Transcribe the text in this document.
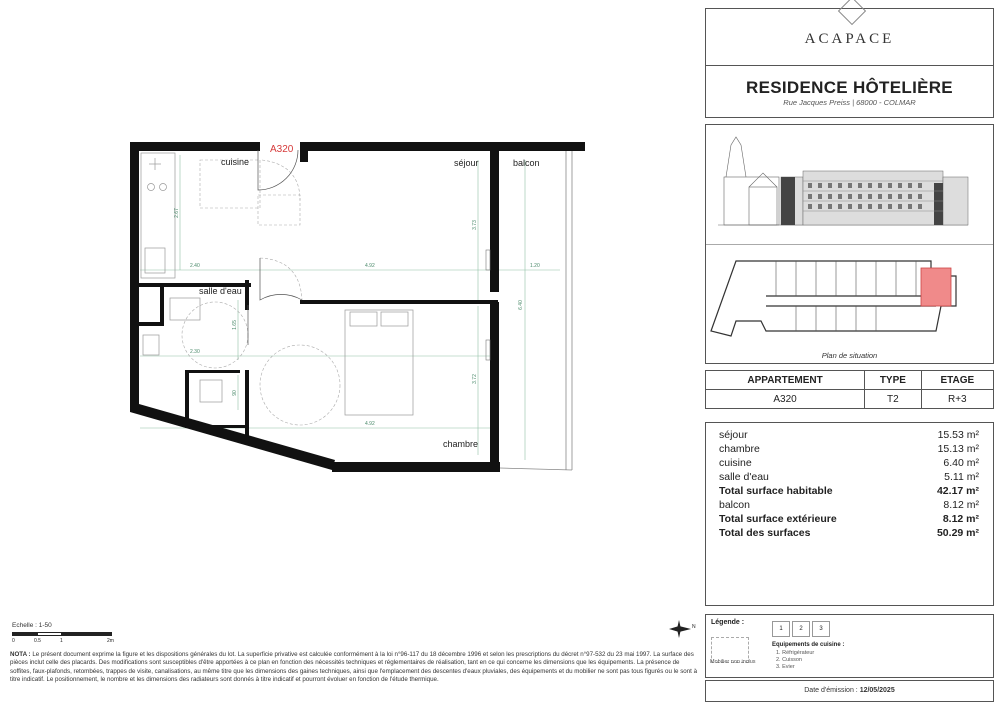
A320
cuisine	séjour	balcon
salle d'eau
chambre
2.40	4.92	1.20
2.30
4.92
2.67
3.73
3.72
6.40
1.65
90
ACAPACE
RESIDENCE HÔTELIÈRE
Rue Jacques Preiss | 68000 - COLMAR
Plan de situation
APPARTEMENT	TYPE	ETAGE
A320	T2	R+3
séjour	15.53 m²
chambre	15.13 m²
cuisine	6.40 m²
salle d'eau	5.11 m²
Total surface habitable	42.17 m²
balcon	8.12 m²
Total surface extérieure	8.12 m²
Total des surfaces	50.29 m²
Légende :
Mobilier non inclus
1	2	3
Equipements de cuisine :
1. Réfrigérateur
2. Cuisson
3. Evier
Date d'émission : 12/05/2025
Echelle : 1-50
0	0.5	1	2m
N
NOTA : Le présent document exprime la figure et les dispositions générales du lot. La superficie privative est calculée conformément à la loi n°96-117 du 18 décembre 1996 et selon les prescriptions du décret n°97-532 du 23 mai 1997. La surface des pièces inclut celle des placards. Des modifications sont susceptibles d'être apportées à ce plan en fonction des nécessités techniques et réglementaires de réalisation, tant en ce qui concerne les dimensions que les équipements. La présence de soffites, faux-plafonds, retombées, trappes de visite, canalisations, au même titre que les dimensions des gaines techniques, ainsi que l'emplacement des descentes d'eaux pluviales, des équipements et du mobilier ne sont pas tous figurés ou le sont à titre indicatif. Le positionnement, le nombre et les dimensions des radiateurs sont donnés à titre indicatif et pourront évoluer en fonction de l'étude thermique.
